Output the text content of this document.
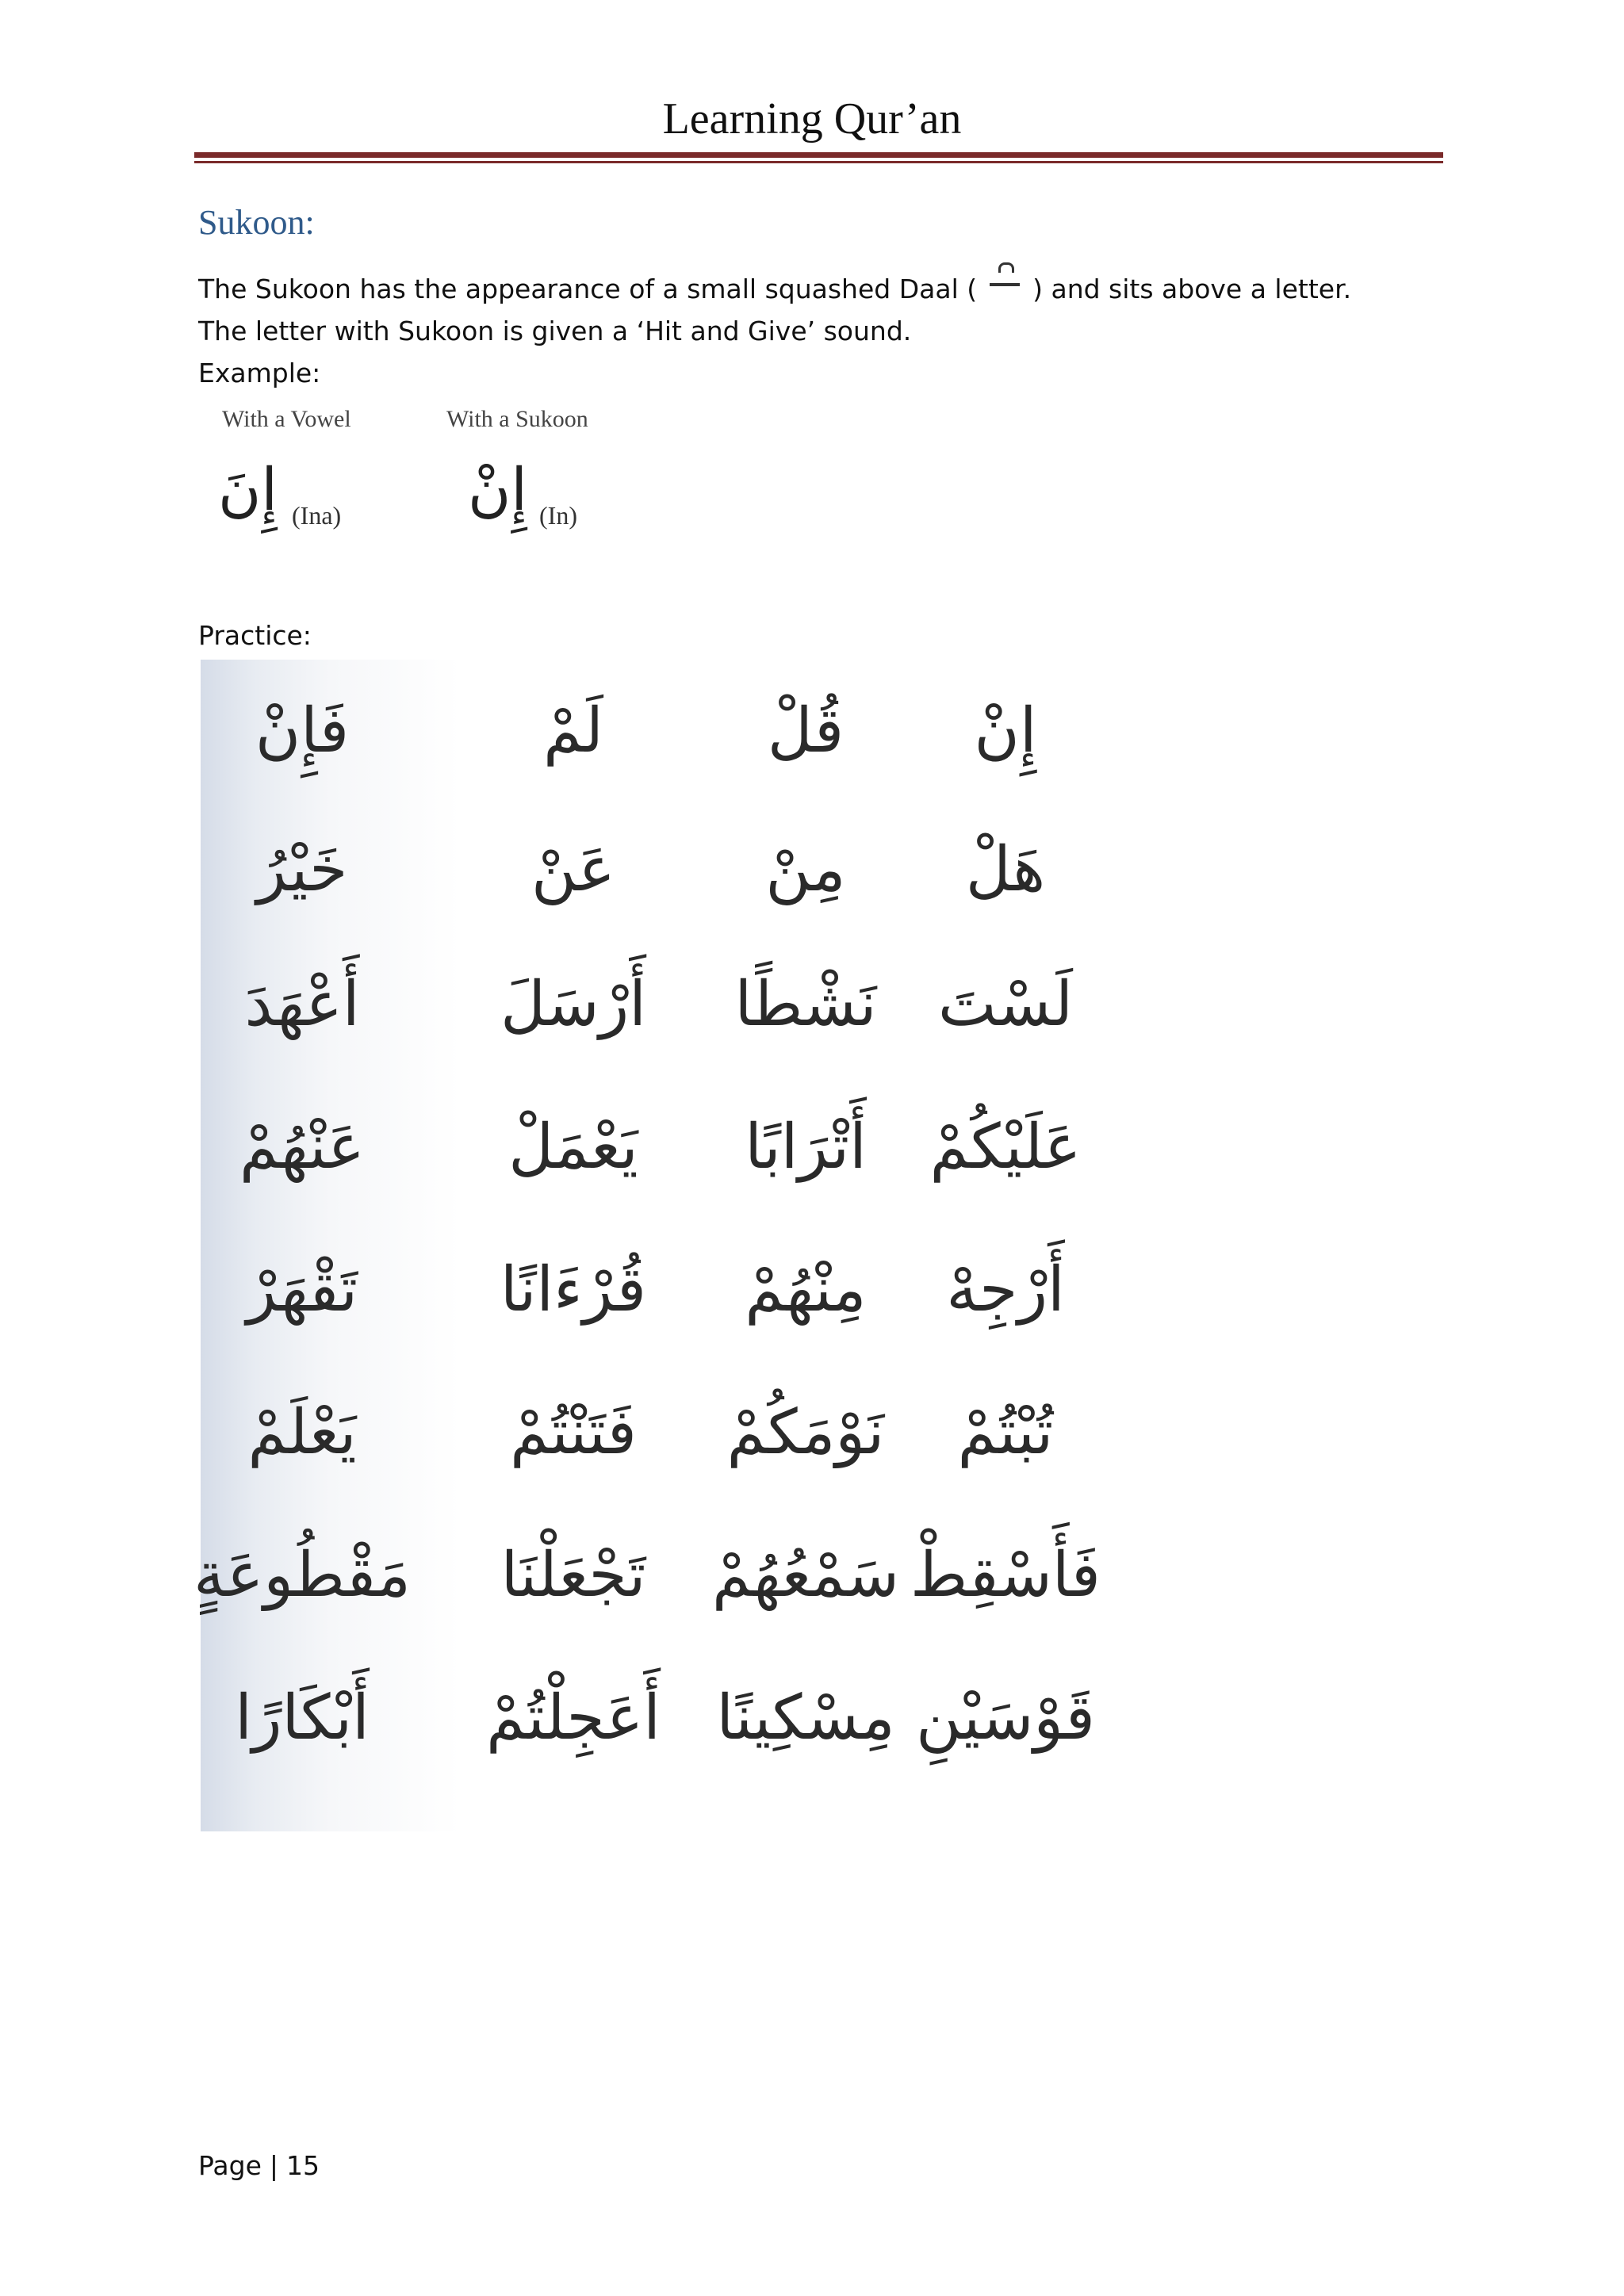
Learning Qur’an
Sukoon:
The Sukoon has the appearance of a small squashed Daal ( ) and sits above a letter.
The letter with Sukoon is given a ‘Hit and Give’ sound.
Example:
With a Vowel	With a Sukoon
إِنَ (Ina) إِنْ (In)
Practice:
إِنْ
قُلْ
لَمْ
فَإِنْ
هَلْ
مِنْ
عَنْ
خَيْرُ
لَسْتَ
نَشْطًا
أَرْسَلَ
أَعْهَدَ
عَلَيْكُمْ
أَتْرَابًا
يَعْمَلْ
عَنْهُمْ
أَرْجِهْ
مِنْهُمْ
قُرْءَانًا
تَقْهَرْ
تُبْتُمْ
نَوْمَكُمْ
فَتَنْتُمْ
يَعْلَمْ
فَأَسْقِطْ
سَمْعُهُمْ
تَجْعَلْنَا
مَقْطُوعَةٍ
قَوْسَيْنِ
مِسْكِينًا
أَعَجِلْتُمْ
أَبْكَارًا
Page | 15
